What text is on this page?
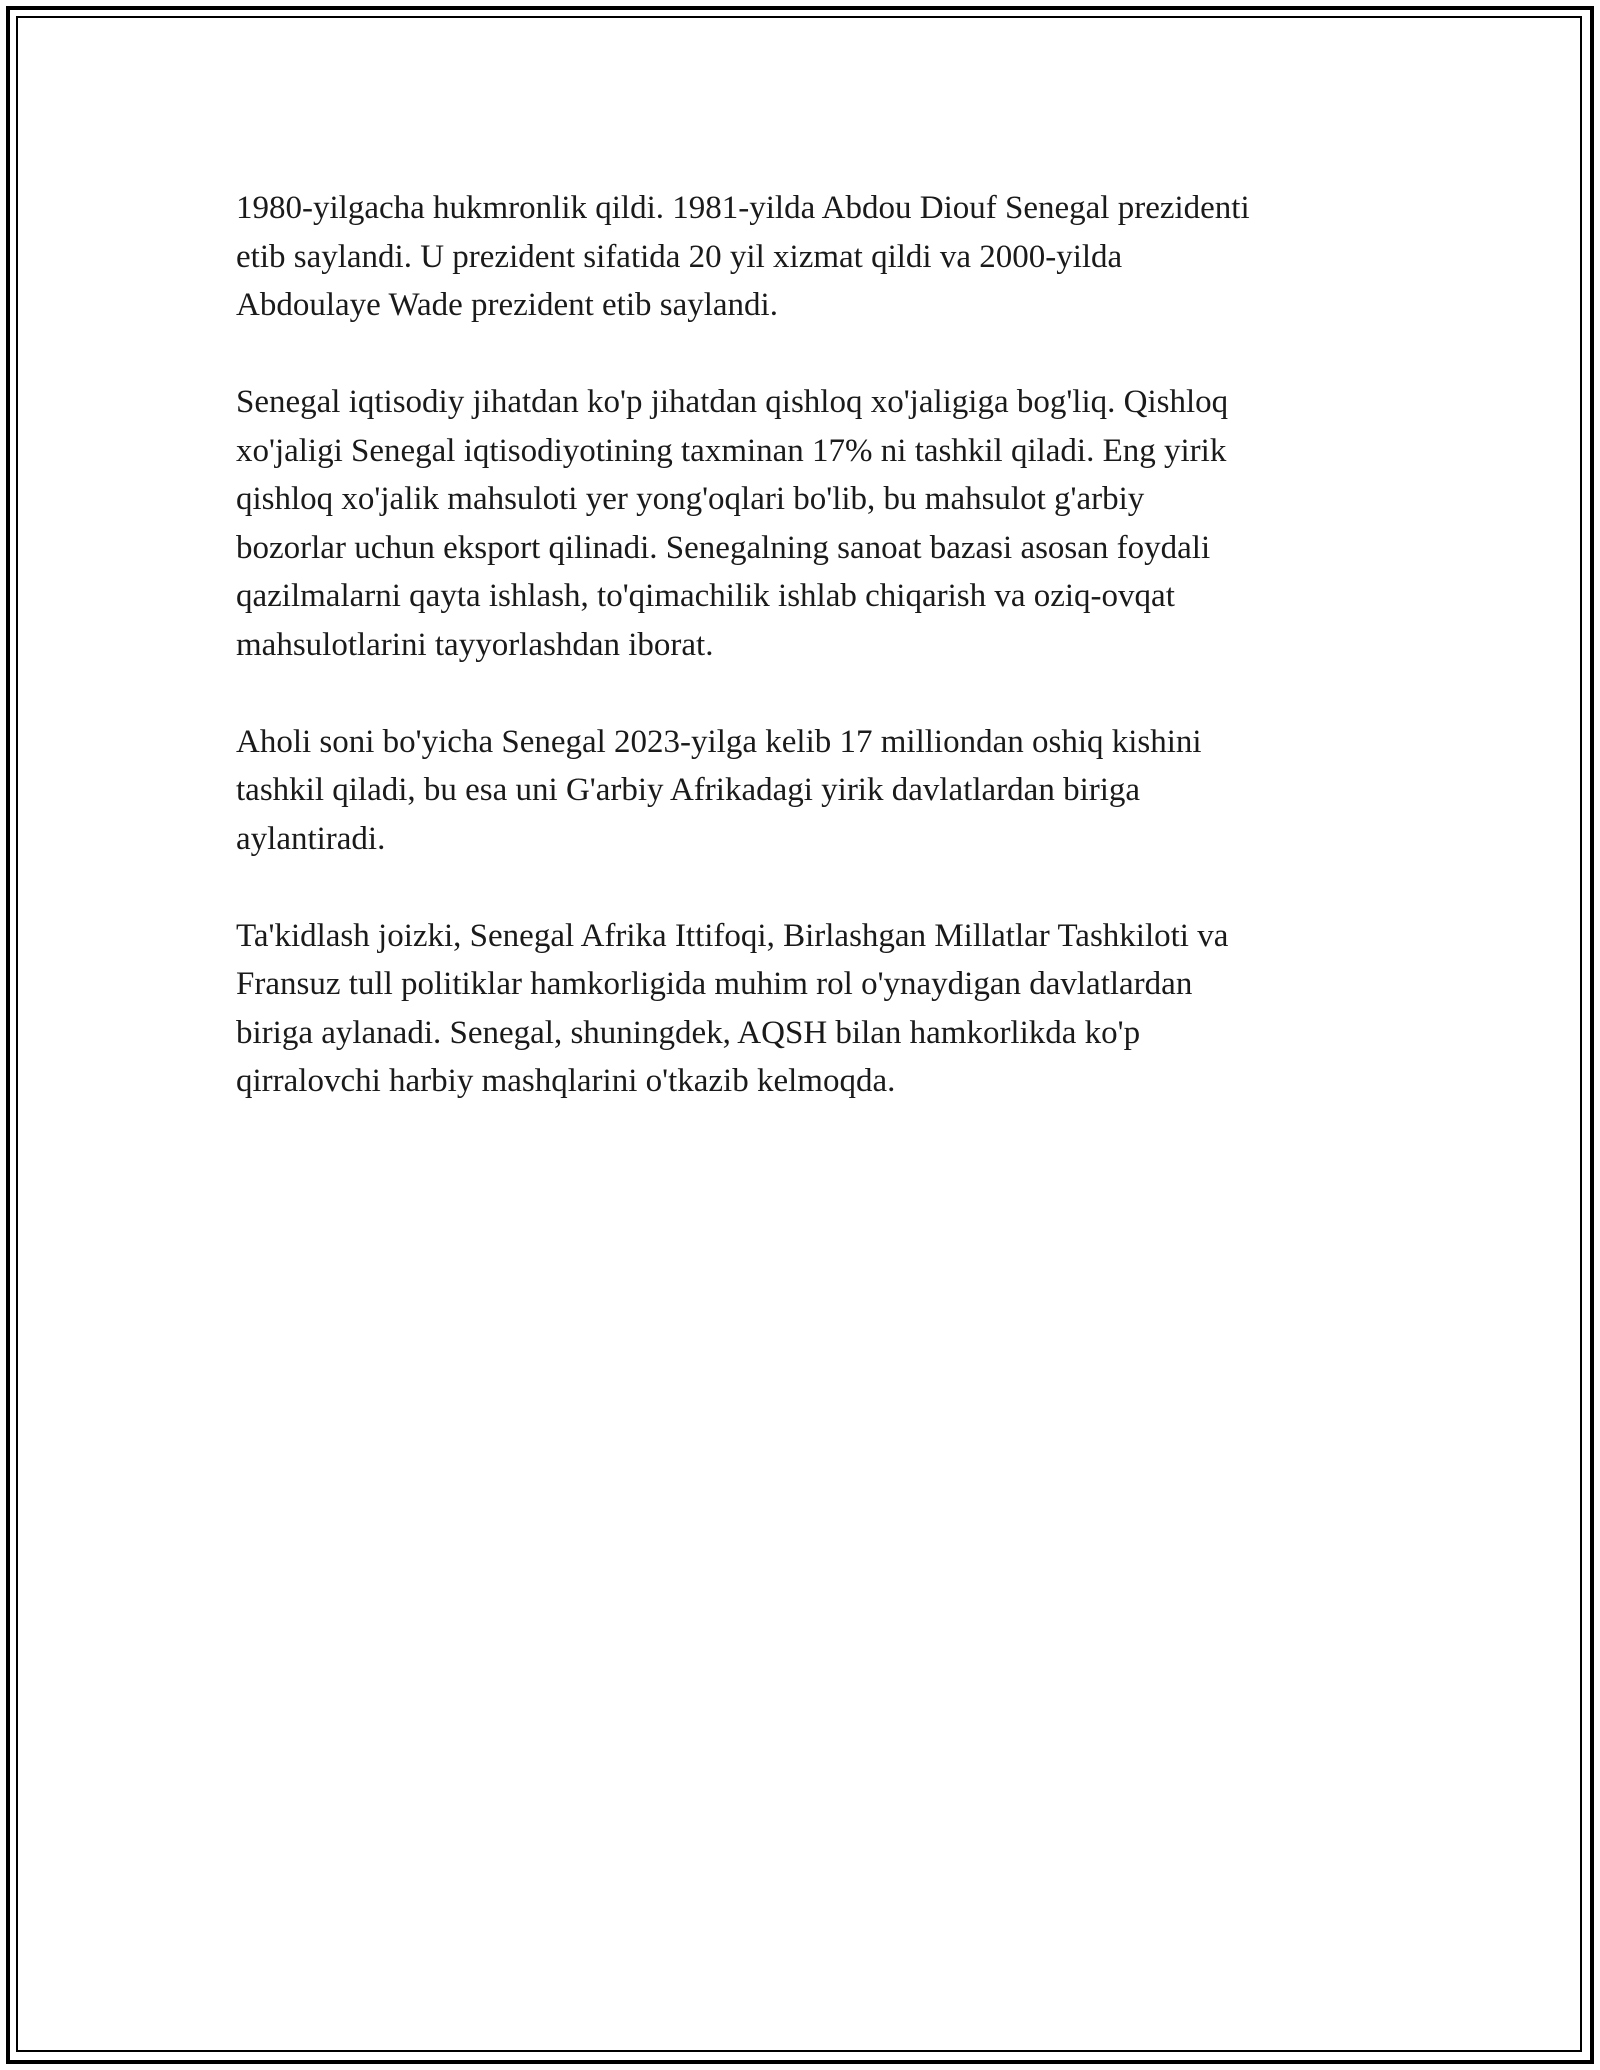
1980-yilgacha hukmronlik qildi. 1981-yilda Abdou Diouf Senegal prezidenti
etib saylandi. U prezident sifatida 20 yil xizmat qildi va 2000-yilda
Abdoulaye Wade prezident etib saylandi.

Senegal iqtisodiy jihatdan ko'p jihatdan qishloq xo'jaligiga bog'liq. Qishloq
xo'jaligi Senegal iqtisodiyotining taxminan 17% ni tashkil qiladi. Eng yirik
qishloq xo'jalik mahsuloti yer yong'oqlari bo'lib, bu mahsulot g'arbiy
bozorlar uchun eksport qilinadi. Senegalning sanoat bazasi asosan foydali
qazilmalarni qayta ishlash, to'qimachilik ishlab chiqarish va oziq-ovqat
mahsulotlarini tayyorlashdan iborat.

Aholi soni bo'yicha Senegal 2023-yilga kelib 17 milliondan oshiq kishini
tashkil qiladi, bu esa uni G'arbiy Afrikadagi yirik davlatlardan biriga
aylantiradi.

Ta'kidlash joizki, Senegal Afrika Ittifoqi, Birlashgan Millatlar Tashkiloti va
Fransuz tull politiklar hamkorligida muhim rol o'ynaydigan davlatlardan
biriga aylanadi. Senegal, shuningdek, AQSH bilan hamkorlikda ko'p
qirralovchi harbiy mashqlarini o'tkazib kelmoqda.
